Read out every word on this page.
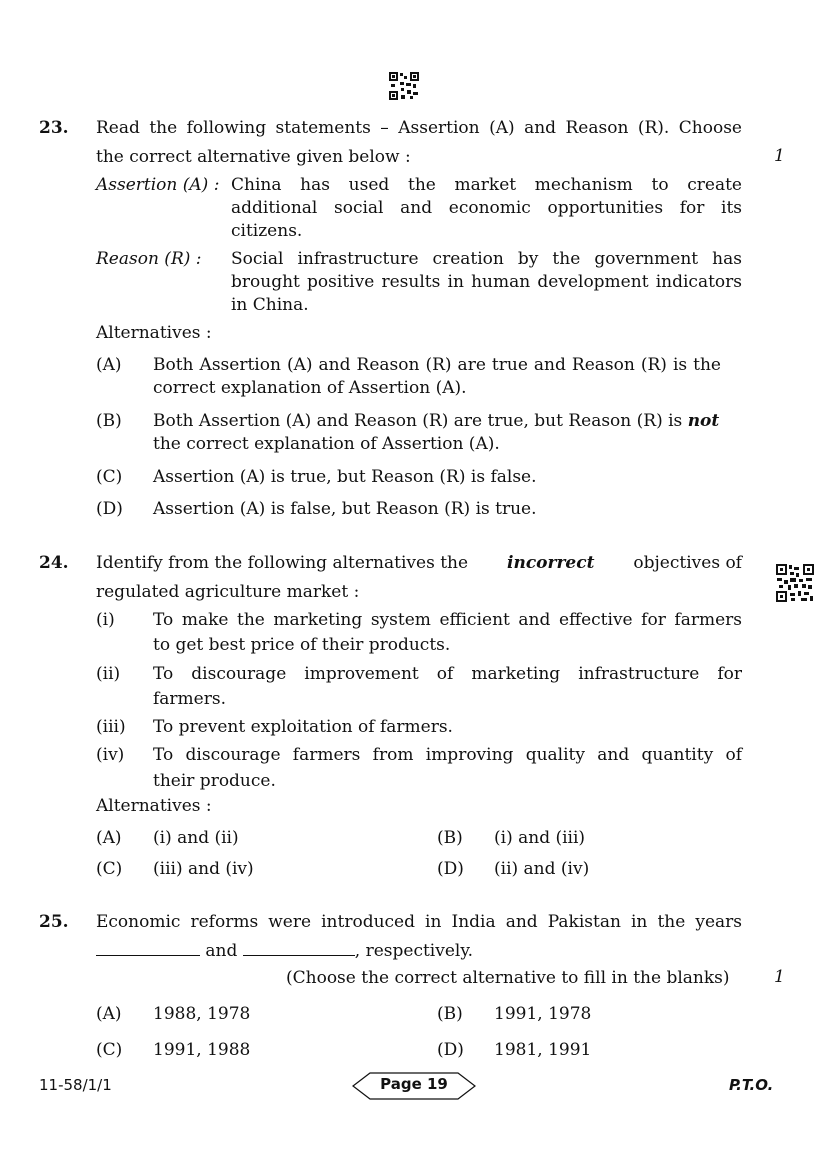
23. Read the following statements – Assertion (A) and Reason (R). Choose
the correct alternative given below :	1
Assertion (A) : China has used the market mechanism to create
additional social and economic opportunities for its
citizens.
Reason (R) : Social infrastructure creation by the government has
brought positive results in human development indicators
in China.
Alternatives :
(A) Both Assertion (A) and Reason (R) are true and Reason (R) is the
correct explanation of Assertion (A).
(B) Both Assertion (A) and Reason (R) are true, but Reason (R) is not
the correct explanation of Assertion (A).
(C) Assertion (A) is true, but Reason (R) is false.
(D) Assertion (A) is false, but Reason (R) is true.
24. Identify from the following alternatives the incorrect objectives of
regulated agriculture market :
(i) To make the marketing system efficient and effective for farmers
to get best price of their products.
(ii) To discourage improvement of marketing infrastructure for
farmers.
(iii) To prevent exploitation of farmers.
(iv) To discourage farmers from improving quality and quantity of
their produce.
Alternatives :
(A) (i) and (ii)	(B) (i) and (iii)
(C) (iii) and (iv)	(D) (ii) and (iv)
25. Economic reforms were introduced in India and Pakistan in the years
and	, respectively.
(Choose the correct alternative to fill in the blanks)	1
(A) 1988, 1978	(B) 1991, 1978
(C) 1991, 1988	(D) 1981, 1991
11-58/1/1	Page 19	P.T.O.
